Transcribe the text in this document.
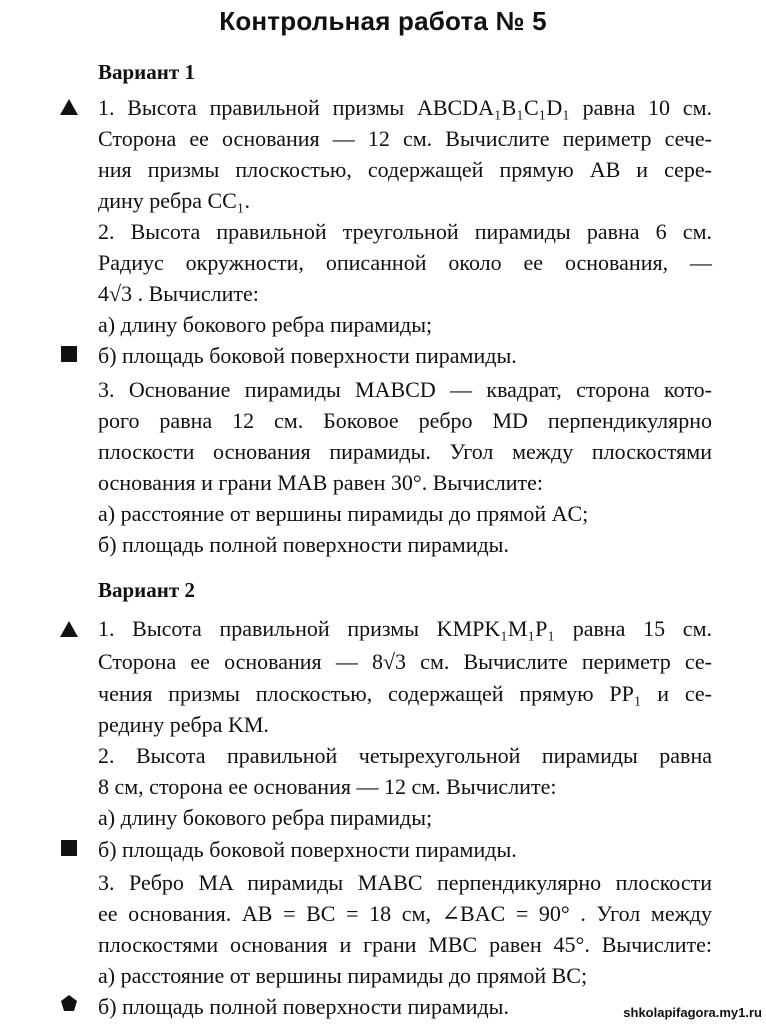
Контрольная работа № 5
Вариант 1
1. Высота правильной призмы ABCDA₁B₁C₁D₁ равна 10 см.
Сторона ее основания — 12 см. Вычислите периметр сече-
ния призмы плоскостью, содержащей прямую AB и сере-
дину ребра CC₁.
2. Высота правильной треугольной пирамиды равна 6 см.
Радиус окружности, описанной около ее основания, —
4√3 . Вычислите:
а) длину бокового ребра пирамиды;
б) площадь боковой поверхности пирамиды.
3. Основание пирамиды MABCD — квадрат, сторона кото-
рого равна 12 см. Боковое ребро MD перпендикулярно
плоскости основания пирамиды. Угол между плоскостями
основания и грани MAB равен 30°. Вычислите:
а) расстояние от вершины пирамиды до прямой AC;
б) площадь полной поверхности пирамиды.
Вариант 2
1. Высота правильной призмы KMPK₁M₁P₁ равна 15 см.
Сторона ее основания — 8√3 см. Вычислите периметр се-
чения призмы плоскостью, содержащей прямую PP₁ и се-
редину ребра KM.
2. Высота правильной четырехугольной пирамиды равна
8 см, сторона ее основания — 12 см. Вычислите:
а) длину бокового ребра пирамиды;
б) площадь боковой поверхности пирамиды.
3. Ребро MA пирамиды MABC перпендикулярно плоскости
ее основания. AB = BC = 18 см, ∠BAC = 90° . Угол между
плоскостями основания и грани MBC равен 45°. Вычислите:
а) расстояние от вершины пирамиды до прямой BC;
б) площадь полной поверхности пирамиды.	shkolapifagora.my1.ru
